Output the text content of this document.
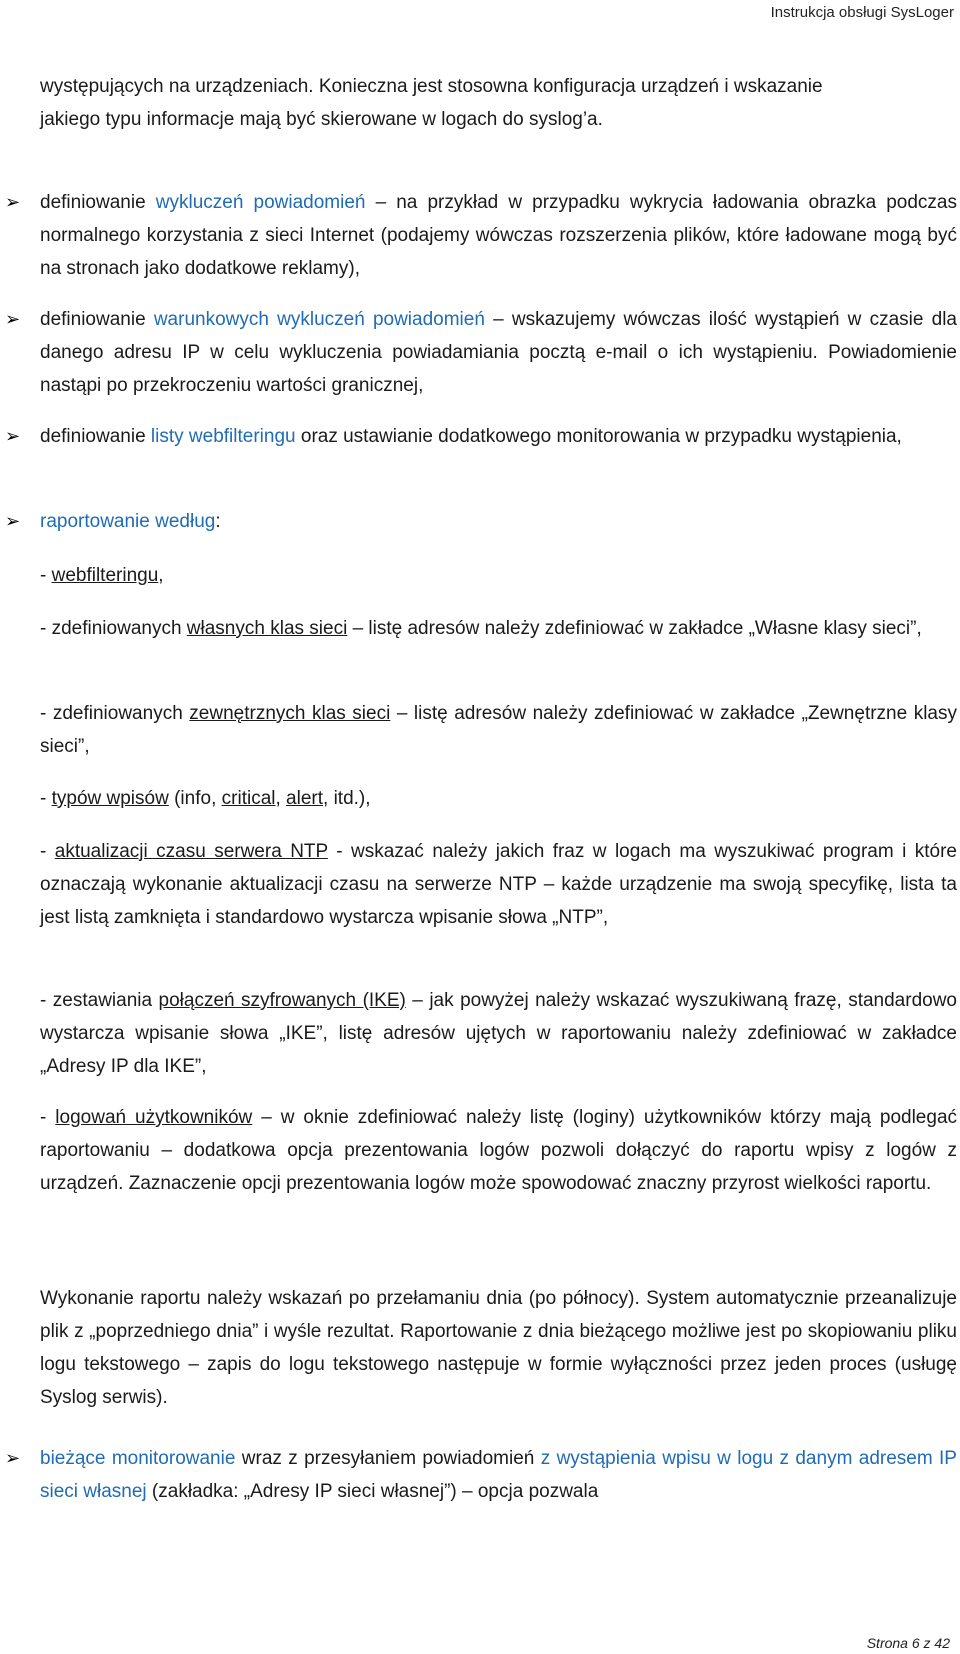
Instrukcja obsługi SysLoger

występujących na urządzeniach. Konieczna jest stosowna konfiguracja urządzeń i wskazanie
jakiego typu informacje mają być skierowane w logach do syslog’a.

➢ definiowanie wykluczeń powiadomień – na przykład w przypadku wykrycia ładowania obrazka podczas normalnego korzystania z sieci Internet (podajemy wówczas rozszerzenia plików, które ładowane mogą być na stronach jako dodatkowe reklamy),

➢ definiowanie warunkowych wykluczeń powiadomień – wskazujemy wówczas ilość wystąpień w czasie dla danego adresu IP w celu wykluczenia powiadamiania pocztą e-mail o ich wystąpieniu. Powiadomienie nastąpi po przekroczeniu wartości granicznej,

➢ definiowanie listy webfilteringu oraz ustawianie dodatkowego monitorowania w przypadku wystąpienia,

➢ raportowanie według:

- webfilteringu,

- zdefiniowanych własnych klas sieci – listę adresów należy zdefiniować w zakładce „Własne klasy sieci”,

- zdefiniowanych zewnętrznych klas sieci – listę adresów należy zdefiniować w zakładce „Zewnętrzne klasy sieci”,

- typów wpisów (info, critical, alert, itd.),

- aktualizacji czasu serwera NTP - wskazać należy jakich fraz w logach ma wyszukiwać program i które oznaczają wykonanie aktualizacji czasu na serwerze NTP – każde urządzenie ma swoją specyfikę, lista ta jest listą zamknięta i standardowo wystarcza wpisanie słowa „NTP”,

- zestawiania połączeń szyfrowanych (IKE) – jak powyżej należy wskazać wyszukiwaną frazę, standardowo wystarcza wpisanie słowa „IKE”, listę adresów ujętych w raportowaniu należy zdefiniować w zakładce „Adresy IP dla IKE”,

- logowań użytkowników – w oknie zdefiniować należy listę (loginy) użytkowników którzy mają podlegać raportowaniu – dodatkowa opcja prezentowania logów pozwoli dołączyć do raportu wpisy z logów z urządzeń. Zaznaczenie opcji prezentowania logów może spowodować znaczny przyrost wielkości raportu.

Wykonanie raportu należy wskazań po przełamaniu dnia (po północy). System automatycznie przeanalizuje plik z „poprzedniego dnia” i wyśle rezultat. Raportowanie z dnia bieżącego możliwe jest po skopiowaniu pliku logu tekstowego – zapis do logu tekstowego następuje w formie wyłączności przez jeden proces (usługę Syslog serwis).

➢ bieżące monitorowanie wraz z przesyłaniem powiadomień z wystąpienia wpisu w logu z danym adresem IP sieci własnej (zakładka: „Adresy IP sieci własnej”) – opcja pozwala

Strona 6 z 42
